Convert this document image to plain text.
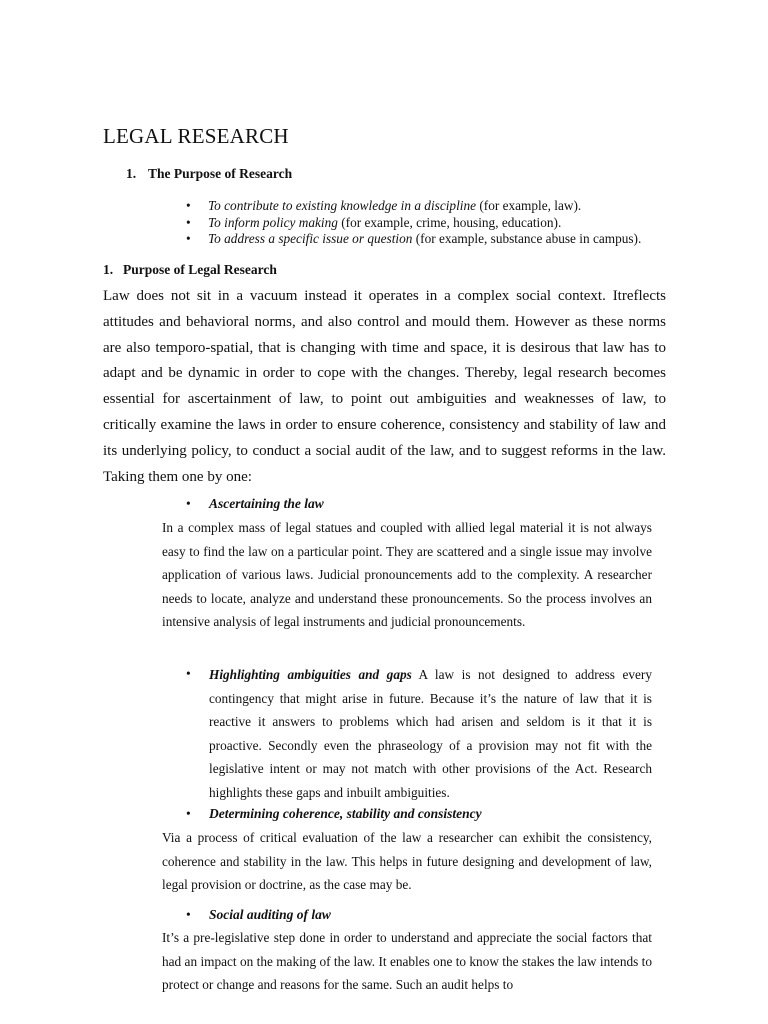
LEGAL RESEARCH
1. The Purpose of Research
• To contribute to existing knowledge in a discipline (for example, law).
• To inform policy making (for example, crime, housing, education).
• To address a specific issue or question (for example, substance abuse in campus).
1. Purpose of Legal Research

Law does not sit in a vacuum instead it operates in a complex social context. Itreflects attitudes and behavioral norms, and also control and mould them. However as these norms are also temporo-spatial, that is changing with time and space, it is desirous that law has to adapt and be dynamic in order to cope with the changes. Thereby, legal research becomes essential for ascertainment of law, to point out ambiguities and weaknesses of law, to critically examine the laws in order to ensure coherence, consistency and stability of law and its underlying policy, to conduct a social audit of the law, and to suggest reforms in the law. Taking them one by one:

• Ascertaining the law

In a complex mass of legal statues and coupled with allied legal material it is not always easy to find the law on a particular point. They are scattered and a single issue may involve application of various laws. Judicial pronouncements add to the complexity. A researcher needs to locate, analyze and understand these pronouncements. So the process involves an intensive analysis of legal instruments and judicial pronouncements.

• Highlighting ambiguities and gaps A law is not designed to address every contingency that might arise in future. Because it’s the nature of law that it is reactive it answers to problems which had arisen and seldom is it that it is proactive. Secondly even the phraseology of a provision may not fit with the legislative intent or may not match with other provisions of the Act. Research highlights these gaps and inbuilt ambiguities.

• Determining coherence, stability and consistency

Via a process of critical evaluation of the law a researcher can exhibit the consistency, coherence and stability in the law. This helps in future designing and development of law, legal provision or doctrine, as the case may be.

• Social auditing of law

It’s a pre-legislative step done in order to understand and appreciate the social factors that had an impact on the making of the law. It enables one to know the stakes the law intends to protect or change and reasons for the same. Such an audit helps to
